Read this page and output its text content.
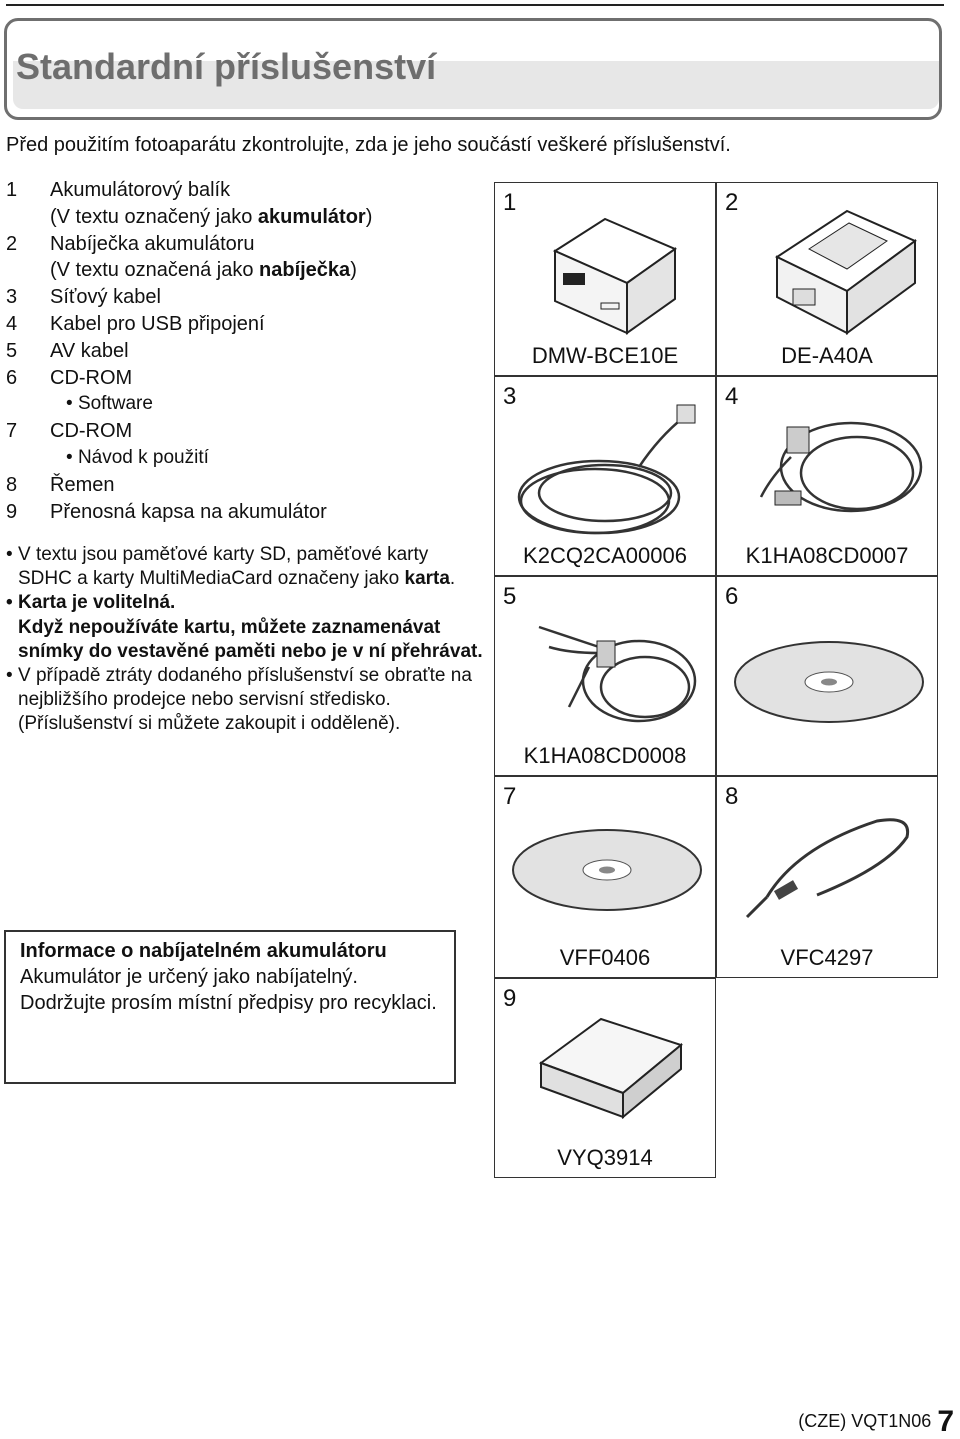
Standardní příslušenství
Před použitím fotoaparátu zkontrolujte, zda je jeho součástí veškeré příslušenství.
1	Akumulátorový balík
(V textu označený jako akumulátor)
2	Nabíječka akumulátoru
(V textu označená jako nabíječka)
3	Síťový kabel
4	Kabel pro USB připojení
5	AV kabel
6	CD-ROM
• Software
7	CD-ROM
• Návod k použití
8	Řemen
9	Přenosná kapsa na akumulátor
• V textu jsou paměťové karty SD, paměťové karty SDHC a karty MultiMediaCard označeny jako karta.
• Karta je volitelná.
Když nepoužíváte kartu, můžete zaznamenávat snímky do vestavěné paměti nebo je v ní přehrávat.
• V případě ztráty dodaného příslušenství se obraťte na nejbližšího prodejce nebo servisní středisko. (Příslušenství si můžete zakoupit i odděleně).
1
DMW-BCE10E
2
DE-A40A
3
K2CQ2CA00006
4
K1HA08CD0007
5
K1HA08CD0008
6
7
VFF0406
8
VFC4297
9
VYQ3914
Informace o nabíjatelném akumulátoru
Akumulátor je určený jako nabíjatelný. Dodržujte prosím místní předpisy pro recyklaci.
(CZE) VQT1N06 7
